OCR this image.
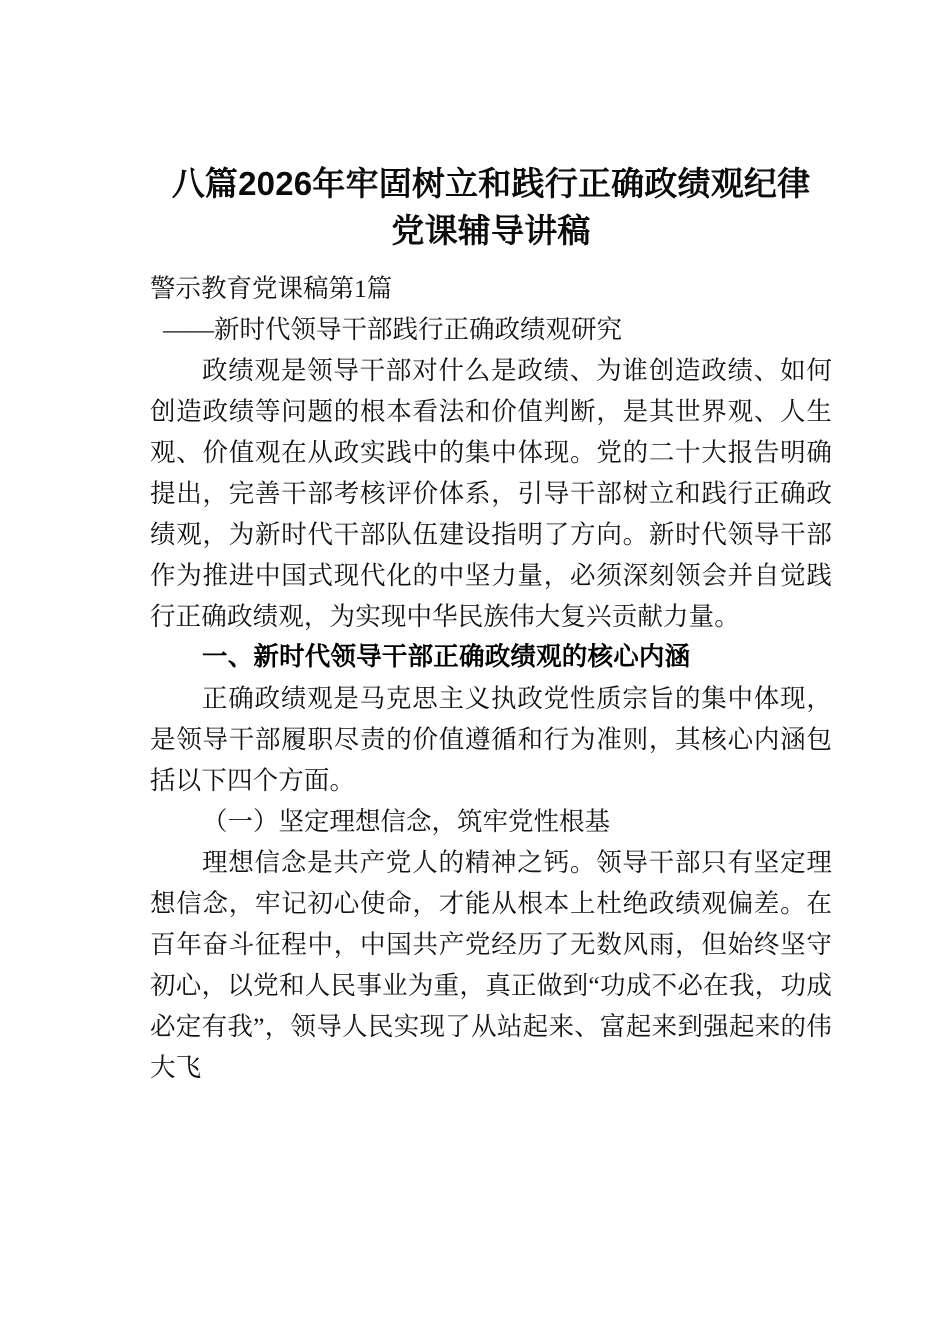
八篇2026年牢固树立和践行正确政绩观纪律
党课辅导讲稿

警示教育党课稿第1篇

——新时代领导干部践行正确政绩观研究

政绩观是领导干部对什么是政绩、为谁创造政绩、如何创造政绩等问题的根本看法和价值判断，是其世界观、人生观、价值观在从政实践中的集中体现。党的二十大报告明确提出，完善干部考核评价体系，引导干部树立和践行正确政绩观，为新时代干部队伍建设指明了方向。新时代领导干部作为推进中国式现代化的中坚力量，必须深刻领会并自觉践行正确政绩观，为实现中华民族伟大复兴贡献力量。

一、新时代领导干部正确政绩观的核心内涵

正确政绩观是马克思主义执政党性质宗旨的集中体现，是领导干部履职尽责的价值遵循和行为准则，其核心内涵包括以下四个方面。

（一）坚定理想信念，筑牢党性根基

理想信念是共产党人的精神之钙。领导干部只有坚定理想信念，牢记初心使命，才能从根本上杜绝政绩观偏差。在百年奋斗征程中，中国共产党经历了无数风雨，但始终坚守初心，以党和人民事业为重，真正做到“功成不必在我，功成必定有我”，领导人民实现了从站起来、富起来到强起来的伟大飞
